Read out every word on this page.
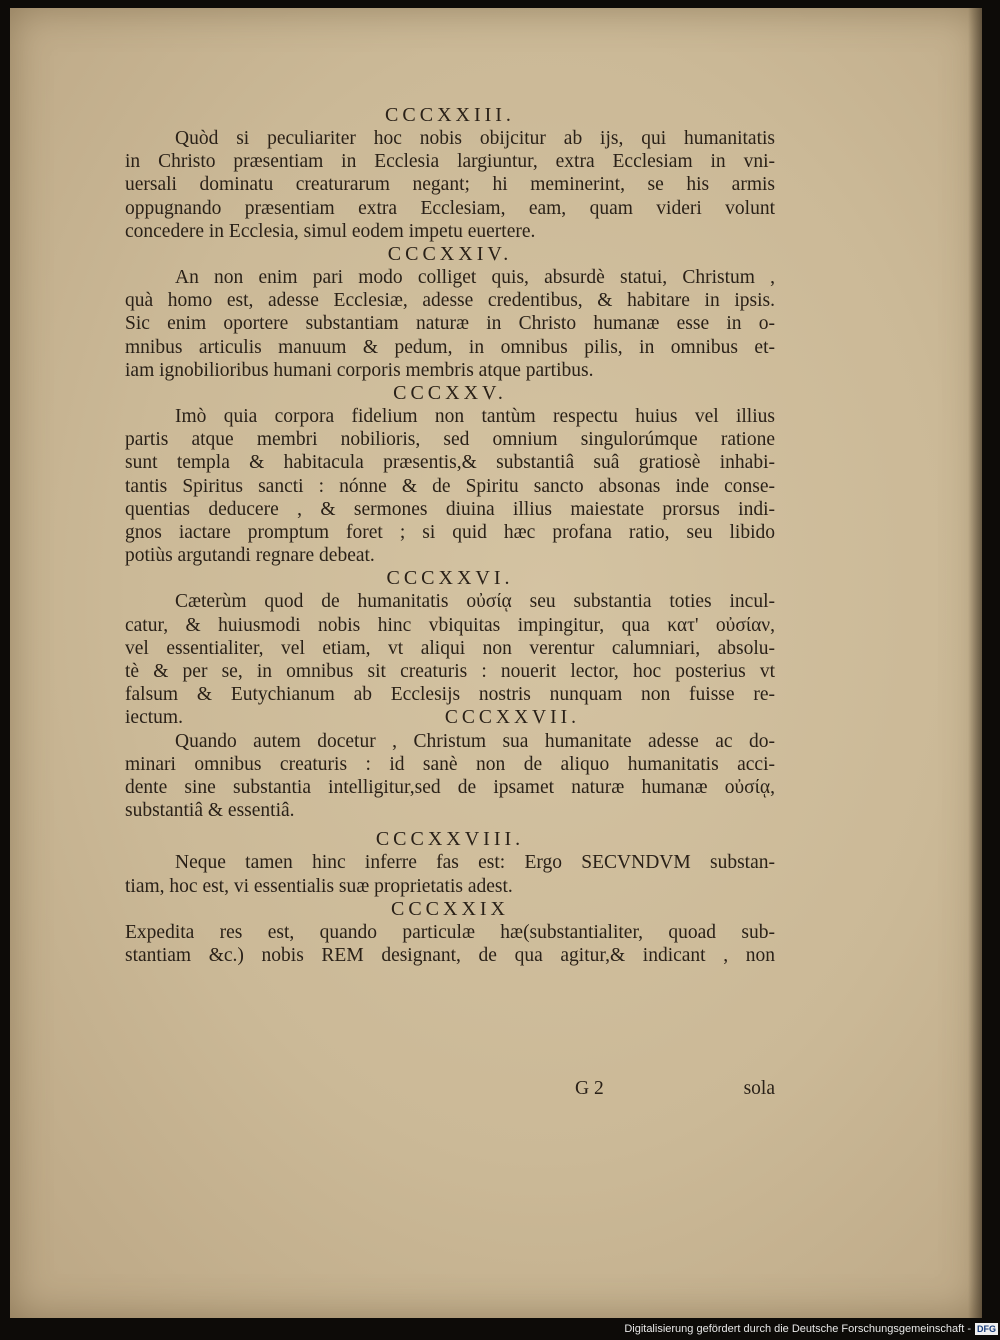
CCCXXIII.
Quòd si peculiariter hoc nobis obijcitur ab ijs, qui humanitatis
in Christo præsentiam in Ecclesia largiuntur, extra Ecclesiam in vni-
uersali dominatu creaturarum negant; hi meminerint, se his armis
oppugnando præsentiam extra Ecclesiam, eam, quam videri volunt
concedere in Ecclesia, simul eodem impetu euertere.
CCCXXIV.
An non enim pari modo colliget quis, absurdè statui, Christum ,
quà homo est, adesse Ecclesiæ, adesse credentibus, & habitare in ipsis.
Sic enim oportere substantiam naturæ in Christo humanæ esse in o-
mnibus articulis manuum & pedum, in omnibus pilis, in omnibus et-
iam ignobilioribus humani corporis membris atque partibus.
CCCXXV.
Imò quia corpora fidelium non tantùm respectu huius vel illius
partis atque membri nobilioris, sed omnium singulorúmque ratione
sunt templa & habitacula præsentis,& substantiâ suâ gratiosè inhabi-
tantis Spiritus sancti : nónne & de Spiritu sancto absonas inde conse-
quentias deducere , & sermones diuina illius maiestate prorsus indi-
gnos iactare promptum foret ; si quid hæc profana ratio, seu libido
potiùs argutandi regnare debeat.
CCCXXVI.
Cæterùm quod de humanitatis οὐσίᾳ seu substantia toties incul-
catur, & huiusmodi nobis hinc vbiquitas impingitur, qua κατ' οὐσίαν,
vel essentialiter, vel etiam, vt aliqui non verentur calumniari, absolu-
tè & per se, in omnibus sit creaturis : nouerit lector, hoc posterius vt
falsum & Eutychianum ab Ecclesijs nostris nunquam non fuisse re-
iectum.	CCCXXVII.
Quando autem docetur , Christum sua humanitate adesse ac do-
minari omnibus creaturis : id sanè non de aliquo humanitatis acci-
dente sine substantia intelligitur,sed de ipsamet naturæ humanæ οὐσίᾳ,
substantiâ & essentiâ.
CCCXXVIII.
Neque tamen hinc inferre fas est: Ergo SECVNDVM substan-
tiam, hoc est, vi essentialis suæ proprietatis adest.
CCCXXIX
Expedita res est, quando particulæ hæ(substantialiter, quoad sub-
stantiam &c.) nobis REM designant, de qua agitur,& indicant , non
G 2	sola
Digitalisierung gefördert durch die Deutsche Forschungsgemeinschaft - DFG
